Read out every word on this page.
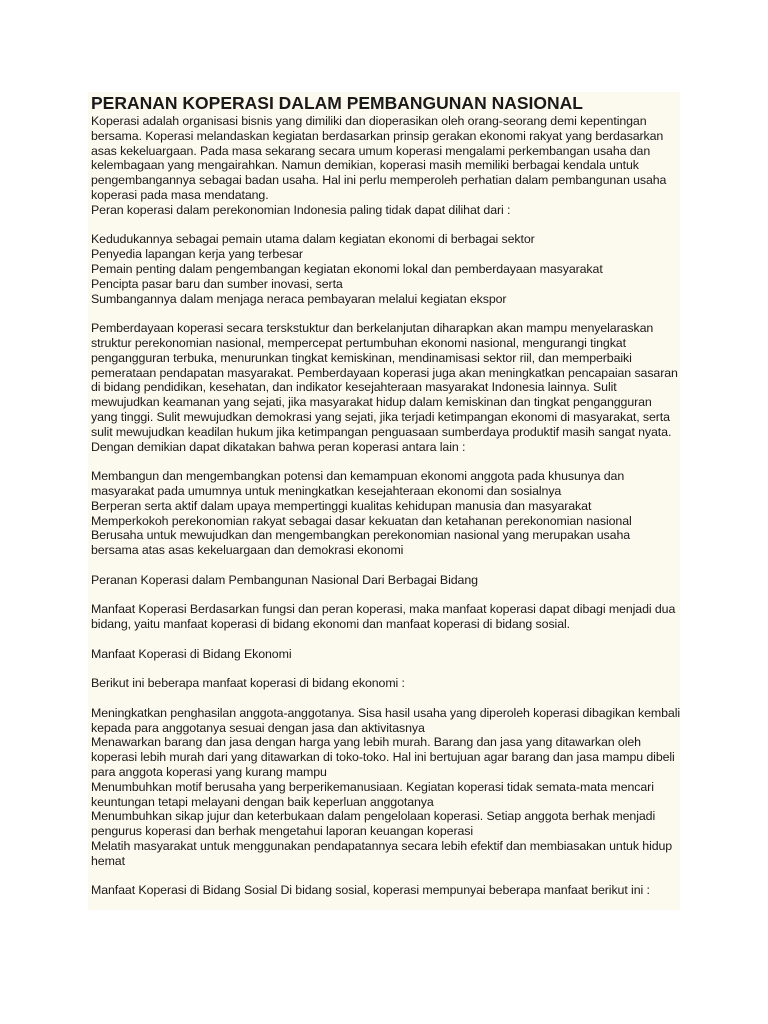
PERANAN KOPERASI DALAM PEMBANGUNAN NASIONAL

Koperasi adalah organisasi bisnis yang dimiliki dan dioperasikan oleh orang-seorang demi kepentingan bersama. Koperasi melandaskan kegiatan berdasarkan prinsip gerakan ekonomi rakyat yang berdasarkan asas kekeluargaan. Pada masa sekarang secara umum koperasi mengalami perkembangan usaha dan kelembagaan yang mengairahkan. Namun demikian, koperasi masih memiliki berbagai kendala untuk pengembangannya sebagai badan usaha. Hal ini perlu memperoleh perhatian dalam pembangunan usaha koperasi pada masa mendatang.

Peran koperasi dalam perekonomian Indonesia paling tidak dapat dilihat dari :

Kedudukannya sebagai pemain utama dalam kegiatan ekonomi di berbagai sektor

Penyedia lapangan kerja yang terbesar

Pemain penting dalam pengembangan kegiatan ekonomi lokal dan pemberdayaan masyarakat

Pencipta pasar baru dan sumber inovasi, serta

Sumbangannya dalam menjaga neraca pembayaran melalui kegiatan ekspor

Pemberdayaan koperasi secara terskstuktur dan berkelanjutan diharapkan akan mampu menyelaraskan struktur perekonomian nasional, mempercepat pertumbuhan ekonomi nasional, mengurangi tingkat pengangguran terbuka, menurunkan tingkat kemiskinan, mendinamisasi sektor riil, dan memperbaiki pemerataan pendapatan masyarakat. Pemberdayaan koperasi juga akan meningkatkan pencapaian sasaran di bidang pendidikan, kesehatan, dan indikator kesejahteraan masyarakat Indonesia lainnya. Sulit mewujudkan keamanan yang sejati, jika masyarakat hidup dalam kemiskinan dan tingkat pengangguran yang tinggi. Sulit mewujudkan demokrasi yang sejati, jika terjadi ketimpangan ekonomi di masyarakat, serta sulit mewujudkan keadilan hukum jika ketimpangan penguasaan sumberdaya produktif masih sangat nyata. Dengan demikian dapat dikatakan bahwa peran koperasi antara lain :

Membangun dan mengembangkan potensi dan kemampuan ekonomi anggota pada khusunya dan masyarakat pada umumnya untuk meningkatkan kesejahteraan ekonomi dan sosialnya

Berperan serta aktif dalam upaya mempertinggi kualitas kehidupan manusia dan masyarakat

Memperkokoh perekonomian rakyat sebagai dasar kekuatan dan ketahanan perekonomian nasional

Berusaha untuk mewujudkan dan mengembangkan perekonomian nasional yang merupakan usaha bersama atas asas kekeluargaan dan demokrasi ekonomi

Peranan Koperasi dalam Pembangunan Nasional Dari Berbagai Bidang

Manfaat Koperasi Berdasarkan fungsi dan peran koperasi, maka manfaat koperasi dapat dibagi menjadi dua bidang, yaitu manfaat koperasi di bidang ekonomi dan manfaat koperasi di bidang sosial.

Manfaat Koperasi di Bidang Ekonomi

Berikut ini beberapa manfaat koperasi di bidang ekonomi :

Meningkatkan penghasilan anggota-anggotanya. Sisa hasil usaha yang diperoleh koperasi dibagikan kembali kepada para anggotanya sesuai dengan jasa dan aktivitasnya

Menawarkan barang dan jasa dengan harga yang lebih murah. Barang dan jasa yang ditawarkan oleh koperasi lebih murah dari yang ditawarkan di toko-toko. Hal ini bertujuan agar barang dan jasa mampu dibeli para anggota koperasi yang kurang mampu

Menumbuhkan motif berusaha yang berperikemanusiaan. Kegiatan koperasi tidak semata-mata mencari keuntungan tetapi melayani dengan baik keperluan anggotanya

Menumbuhkan sikap jujur dan keterbukaan dalam pengelolaan koperasi. Setiap anggota berhak menjadi pengurus koperasi dan berhak mengetahui laporan keuangan koperasi

Melatih masyarakat untuk menggunakan pendapatannya secara lebih efektif dan membiasakan untuk hidup hemat

Manfaat Koperasi di Bidang Sosial Di bidang sosial, koperasi mempunyai beberapa manfaat berikut ini :
